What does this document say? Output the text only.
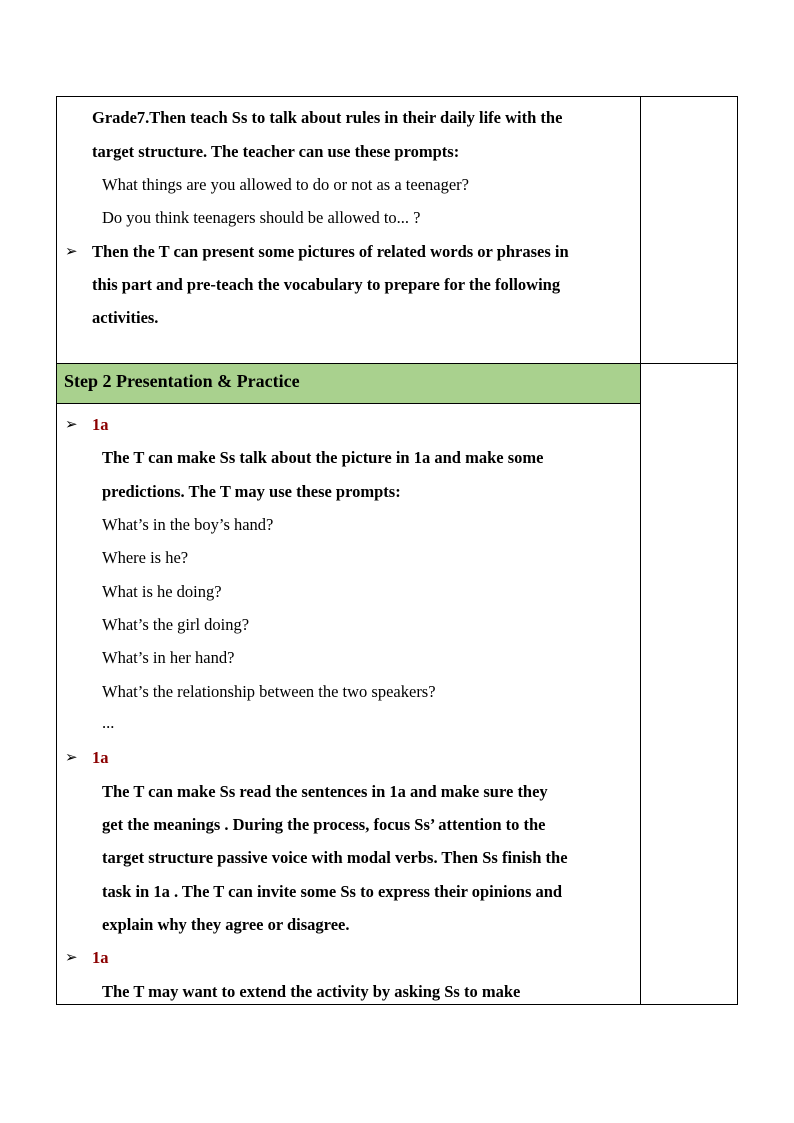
Grade7.Then teach Ss to talk about rules in their daily life with the
target structure. The teacher can use these prompts:
What things are you allowed to do or not as a teenager?
Do you think teenagers should be allowed to... ?
➢ Then the T can present some pictures of related words or phrases in
this part and pre-teach the vocabulary to prepare for the following
activities.
Step 2 Presentation & Practice
➢ 1a
The T can make Ss talk about the picture in 1a and make some
predictions. The T may use these prompts:
What’s in the boy’s hand?
Where is he?
What is he doing?
What’s the girl doing?
What’s in her hand?
What’s the relationship between the two speakers?
...
➢ 1a
The T can make Ss read the sentences in 1a and make sure they
get the meanings . During the process, focus Ss’ attention to the
target structure passive voice with modal verbs. Then Ss finish the
task in 1a . The T can invite some Ss to express their opinions and
explain why they agree or disagree.
➢ 1a
The T may want to extend the activity by asking Ss to make
